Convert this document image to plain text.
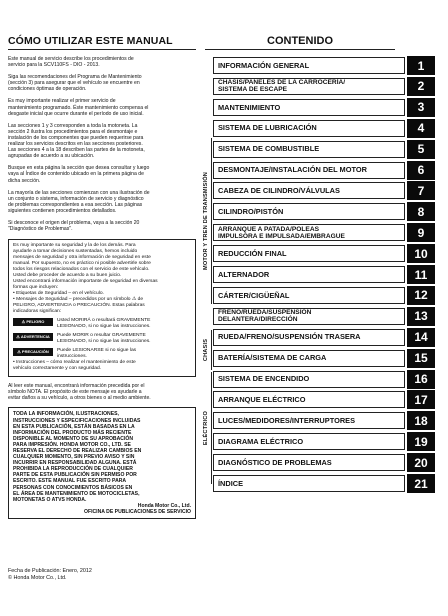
CÓMO UTILIZAR ESTE MANUAL
Este manual de servicio describe los procedimientos de
servicio para la SCV110FS - DIO - 2013.
Siga las recomendaciones del Programa de Mantenimiento
(sección 3) para asegurar que el vehículo se encuentre en
condiciones óptimas de operación.
Es muy importante realizar el primer servicio de
mantenimiento programado. Éste mantenimiento compensa el
desgaste inicial que ocurre durante el período de uso inicial.
Las secciones 1 y 3 corresponden a toda la motoneta. La
sección 2 ilustra los procedimientos para el desmontaje e
instalación de los componentes que pueden requerirse para
realizar los servicios descritos en las secciones posteriores.
Las secciones 4 a la 18 describen las partes de la motoneta,
agrupadas de acuerdo a su ubicación.
Busque en esta página la sección que desea consultar y luego
vaya al Índice de contenido ubicado en la primera página de
dicha sección.
La mayoría de las secciones comienzan con una ilustración de
un conjunto o sistema, información de servicio y diagnóstico
de problemas correspondientes a esa sección. Las páginas
siguientes contienen procedimientos detallados.
Si desconoce el origen del problema, vaya a la sección 20
"Diagnóstico de Problemas".
Es muy importante su seguridad y la de los demás. Para
ayudarle a tomar decisiones sustentadas, hemos incluido
mensajes de seguridad y otra información de seguridad en este
manual. Por supuesto, no es práctico ni posible advertirle sobre
todos los riesgos relacionados con el servicio de este vehículo.
Usted debe proceder de acuerdo a su buen juicio.
Usted encontrará información importante de seguridad en diversas
formas que incluyen:
• Etiquetas de Seguridad – en el vehículo.
• Mensajes de Seguridad – precedidos por un símbolo ⚠ de
PELIGRO, ADVERTENCIA o PRECAUCIÓN. Estas palabras
indicadoras significan:
⚠ PELIGRO	Usted MORIRÁ o resultará GRAVEMENTE
LESIONADO, si no sigue las instrucciones.
⚠ ADVERTENCIA	Puede MORIR o resultar GRAVEMENTE
LESIONADO, si no sigue las instrucciones.
⚠ PRECAUCIÓN	Puede LESIONARSE si no sigue las
instrucciones.
• Instrucciones – cómo realizar el mantenimiento de este
vehículo correctamente y con seguridad.
Al leer este manual, encontrará información precedida por el
símbolo NOTA. El propósito de este mensaje es ayudarle a
evitar daños a su vehículo, a otros bienes o al medio ambiente.
TODA LA INFORMACIÓN, ILUSTRACIONES,
INSTRUCCIONES Y ESPECIFICACIONES INCLUIDAS
EN ESTA PUBLICACIÓN, ESTÁN BASADAS EN LA
INFORMACIÓN DEL PRODUCTO MÁS RECIENTE
DISPONIBLE AL MOMENTO DE SU APROBACIÓN
PARA IMPRESIÓN. HONDA MOTOR CO., LTD. SE
RESERVA EL DERECHO DE REALIZAR CAMBIOS EN
CUALQUIER MOMENTO, SIN PREVIO AVISO Y SIN
INCURRIR EN RESPONSABILIDAD ALGUNA. ESTÁ
PROHIBIDA LA REPRODUCCIÓN DE CUALQUIER
PARTE DE ESTA PUBLICACIÓN SIN PERMISO POR
ESCRITO. ESTE MANUAL FUE ESCRITO PARA
PERSONAS CON CONOCIMIENTOS BÁSICOS EN
EL ÁREA DE MANTENIMIENTO DE MOTOCICLETAS,
MOTONETAS O ATVS HONDA.
Honda Motor Co., Ltd.
OFICINA DE PUBLICACIONES DE SERVICIO
Fecha de Publicación: Enero, 2012
© Honda Motor Co., Ltd.
CONTENIDO
MOTOR Y TREN DE TRANSMISIÓN
CHASIS
ELÉCTRICO
INFORMACIÓN GENERAL	1
CHASIS/PANELES DE LA CARROCERÍA/
SISTEMA DE ESCAPE	2
MANTENIMIENTO	3
SISTEMA DE LUBRICACIÓN	4
SISTEMA DE COMBUSTIBLE	5
DESMONTAJE/INSTALACIÓN DEL MOTOR	6
CABEZA DE CILINDRO/VÁLVULAS	7
CILINDRO/PISTÓN	8
ARRANQUE A PATADA/POLEAS
IMPULSORA E IMPULSADA/EMBRAGUE	9
REDUCCIÓN FINAL	10
ALTERNADOR	11
CÁRTER/CIGÜEÑAL	12
FRENO/RUEDA/SUSPENSIÓN
DELANTERA/DIRECCIÓN	13
RUEDA/FRENO/SUSPENSIÓN TRASERA	14
BATERÍA/SISTEMA DE CARGA	15
SISTEMA DE ENCENDIDO	16
ARRANQUE ELÉCTRICO	17
LUCES/MEDIDORES/INTERRUPTORES	18
DIAGRAMA ELÉCTRICO	19
DIAGNÓSTICO DE PROBLEMAS	20
ÍNDICE	21
